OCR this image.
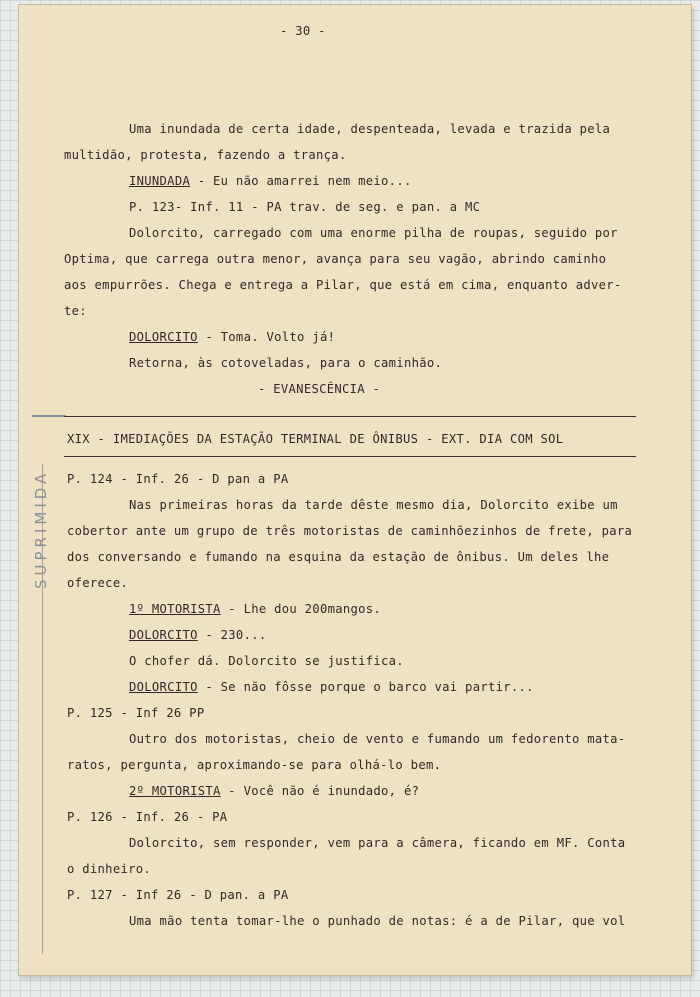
SUPRIMIDA
- 30 -
Uma inundada de certa idade, despenteada, levada e trazida pela
multidão, protesta, fazendo a trança.
INUNDADA - Eu não amarrei nem meio...
P. 123- Inf. 11 - PA trav. de seg. e pan. a MC
Dolorcito, carregado com uma enorme pilha de roupas, seguido por
Optima, que carrega outra menor, avança para seu vagão, abrindo caminho
aos empurrões. Chega e entrega a Pilar, que está em cima, enquanto adver-
te:
DOLORCITO - Toma. Volto já!
Retorna, às cotoveladas, para o caminhão.
- EVANESCÊNCIA -
XIX - IMEDIAÇÕES DA ESTAÇÃO TERMINAL DE ÔNIBUS - EXT. DIA COM SOL
P. 124 - Inf. 26 - D pan a PA
Nas primeiras horas da tarde dêste mesmo dia, Dolorcito exibe um
cobertor ante um grupo de três motoristas de caminhõezinhos de frete, para
dos conversando e fumando na esquina da estação de ônibus. Um deles lhe
oferece.
1º MOTORISTA - Lhe dou 200mangos.
DOLORCITO - 230...
O chofer dá. Dolorcito se justifica.
DOLORCITO - Se não fôsse porque o barco vai partir...
P. 125 - Inf 26 PP
Outro dos motoristas, cheio de vento e fumando um fedorento mata-
ratos, pergunta, aproximando-se para olhá-lo bem.
2º MOTORISTA - Você não é inundado, é?
P. 126 - Inf. 26 - PA
Dolorcito, sem responder, vem para a câmera, ficando em MF. Conta
o dinheiro.
P. 127 - Inf 26 - D pan. a PA
Uma mão tenta tomar-lhe o punhado de notas: é a de Pilar, que vol
